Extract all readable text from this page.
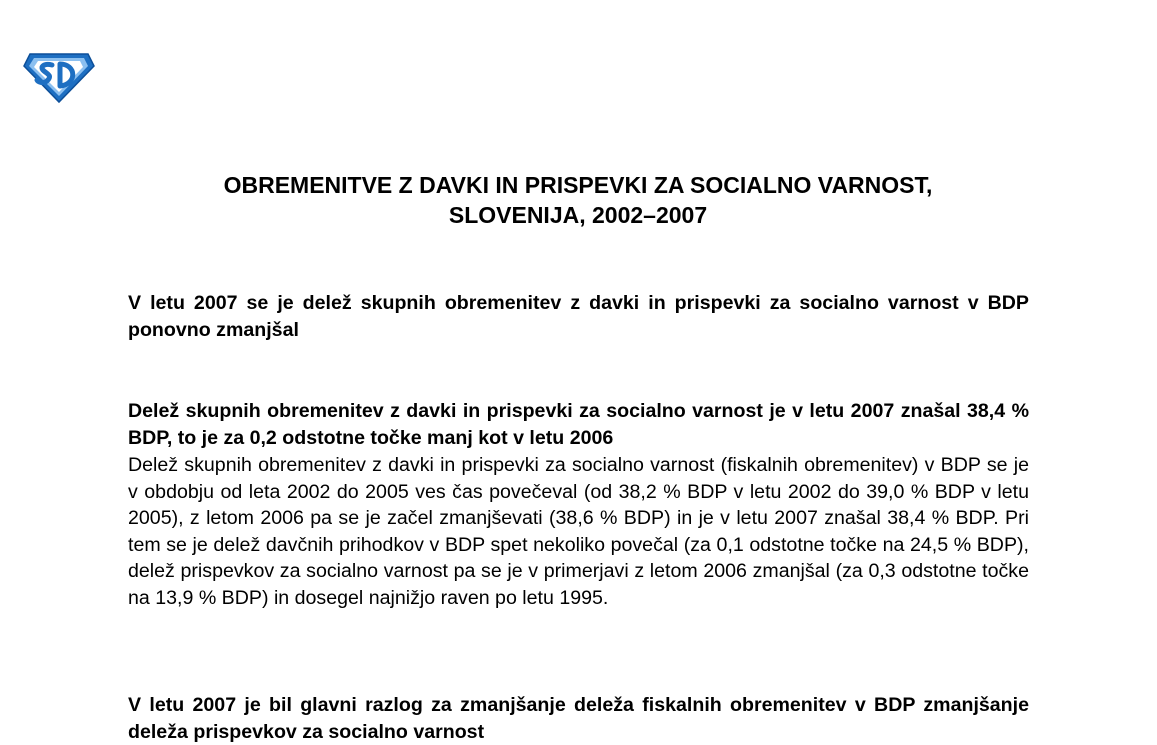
OBREMENITVE Z DAVKI IN PRISPEVKI ZA SOCIALNO VARNOST,
SLOVENIJA, 2002–2007

V letu 2007 se je delež skupnih obremenitev z davki in prispevki za socialno varnost v BDP ponovno zmanjšal

Delež skupnih obremenitev z davki in prispevki za socialno varnost je v letu 2007 znašal 38,4 % BDP, to je za 0,2 odstotne točke manj kot v letu 2006

Delež skupnih obremenitev z davki in prispevki za socialno varnost (fiskalnih obremenitev) v BDP se je v obdobju od leta 2002 do 2005 ves čas povečeval (od 38,2 % BDP v letu 2002 do 39,0 % BDP v letu 2005), z letom 2006 pa se je začel zmanjševati (38,6 % BDP) in je v letu 2007 znašal 38,4 % BDP. Pri tem se je delež davčnih prihodkov v BDP spet nekoliko povečal (za 0,1 odstotne točke na 24,5 % BDP), delež prispevkov za socialno varnost pa se je v primerjavi z letom 2006 zmanjšal (za 0,3 odstotne točke na 13,9 % BDP) in dosegel najnižjo raven po letu 1995.

V letu 2007 je bil glavni razlog za zmanjšanje deleža fiskalnih obremenitev v BDP zmanjšanje deleža prispevkov za socialno varnost
